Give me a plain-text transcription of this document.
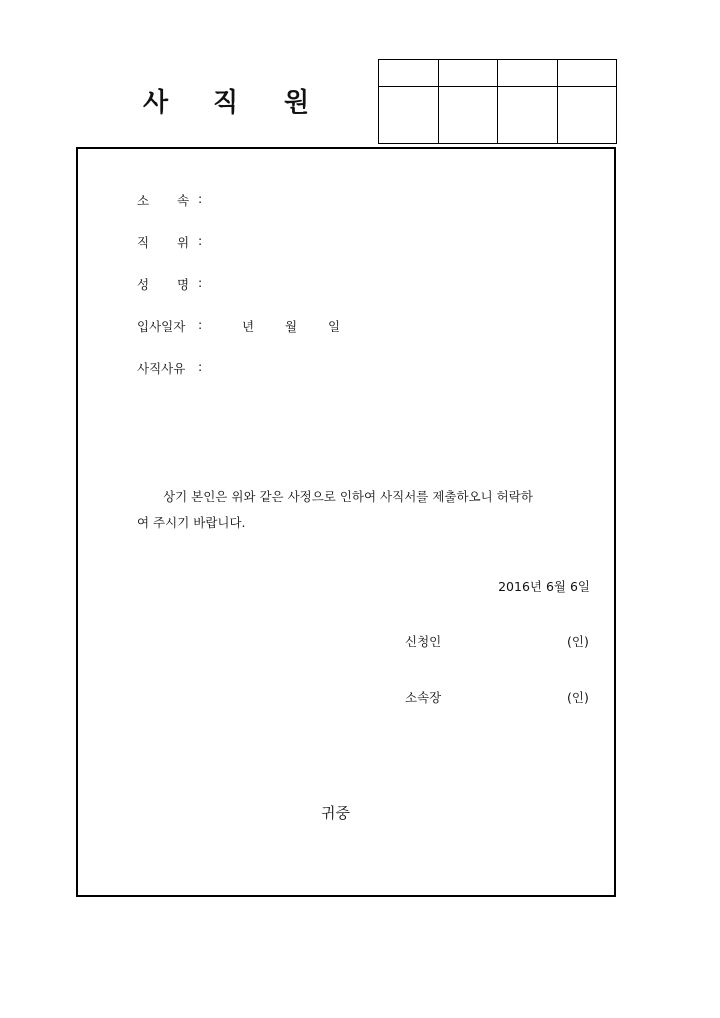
사 직 원

소 속 :
직 위 :
성 명 :
입사일자 :	년 월 일
사직사유 :
상기 본인은 위와 같은 사정으로 인하여 사직서를 제출하오니 허락하
여 주시기 바랍니다.
2016년 6월 6일
신청인	(인)
소속장	(인)
귀중
